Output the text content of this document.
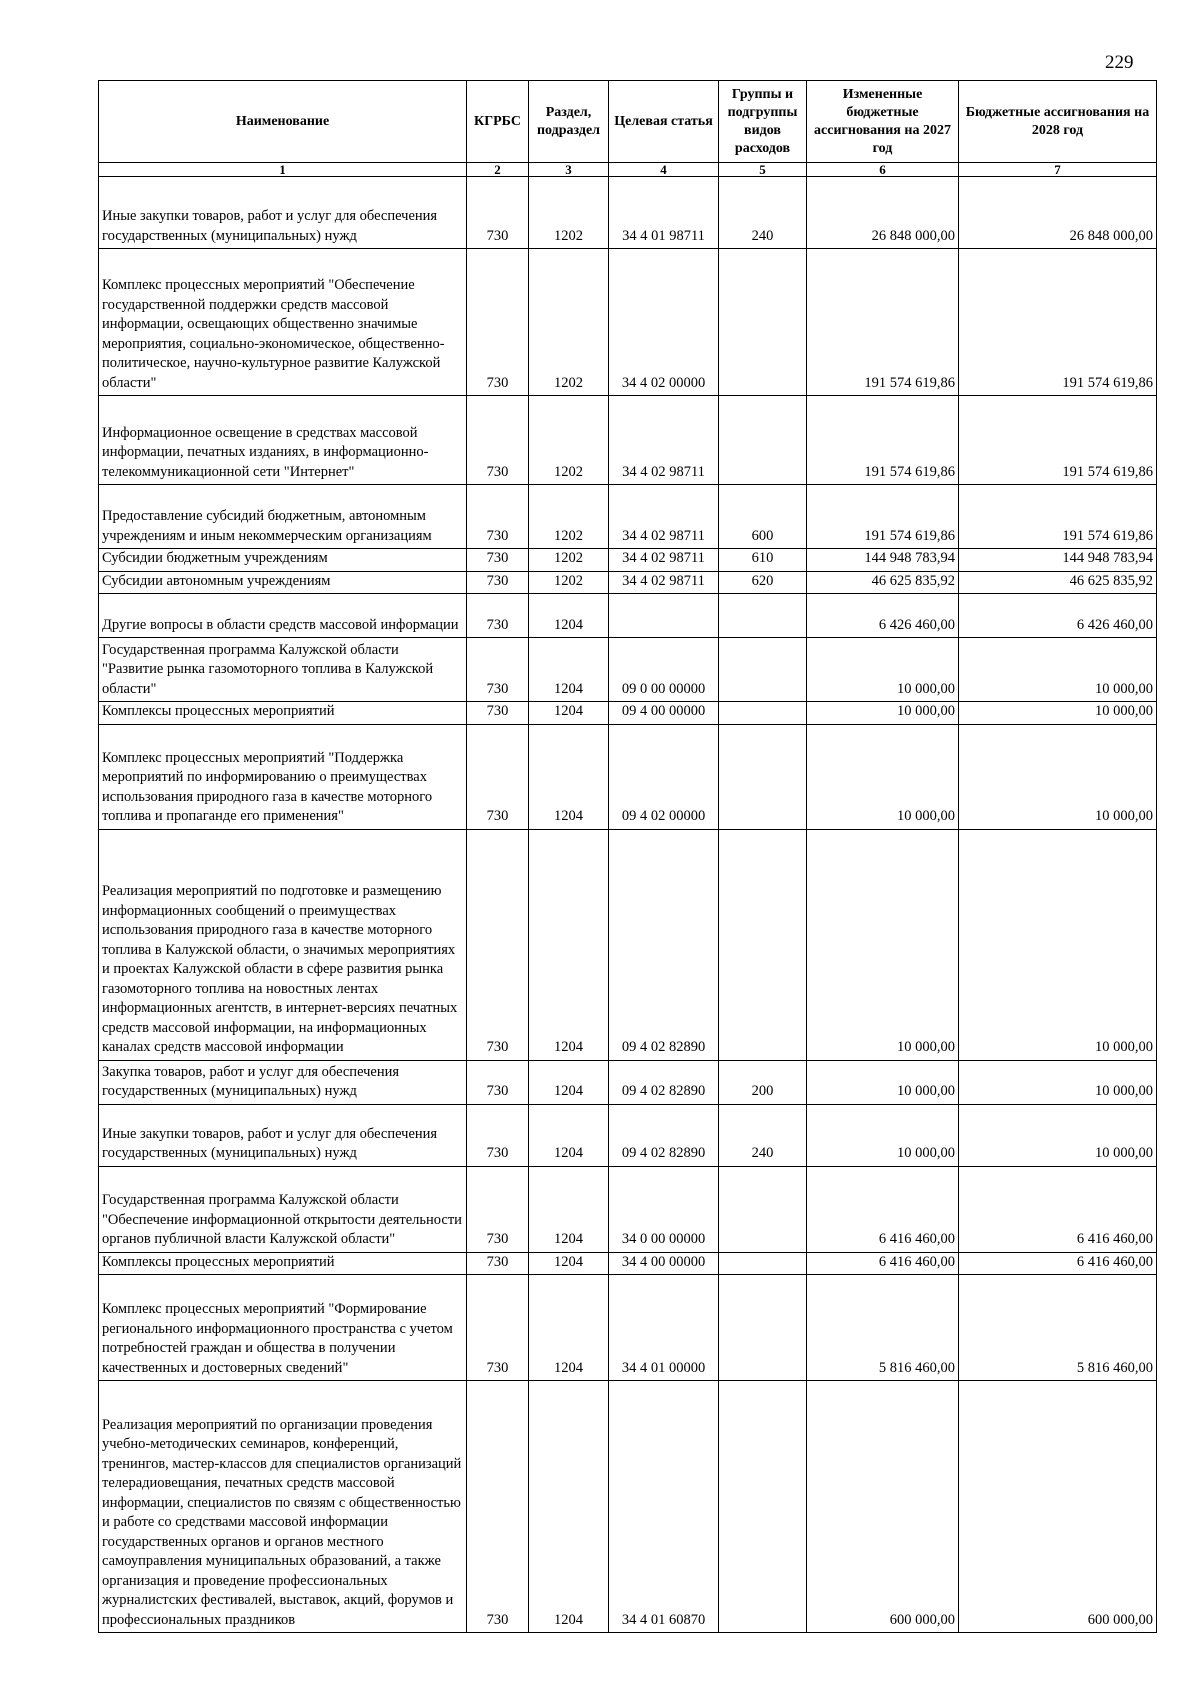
229
Наименование	КГРБС	Раздел, подраздел	Целевая статья	Группы и подгруппы видов расходов	Измененные бюджетные ассигнования на 2027 год	Бюджетные ассигнования на 2028 год
1	2	3	4	5	6	7
Иные закупки товаров, работ и услуг для обеспечения государственных (муниципальных) нужд	730	1202	34 4 01 98711	240	26 848 000,00	26 848 000,00
Комплекс процессных мероприятий "Обеспечение государственной поддержки средств массовой информации, освещающих общественно значимые мероприятия, социально-экономическое, общественно-политическое, научно-культурное развитие Калужской области"	730	1202	34 4 02 00000		191 574 619,86	191 574 619,86
Информационное освещение в средствах массовой информации, печатных изданиях, в информационно-телекоммуникационной сети "Интернет"	730	1202	34 4 02 98711		191 574 619,86	191 574 619,86
Предоставление субсидий бюджетным, автономным учреждениям и иным некоммерческим организациям	730	1202	34 4 02 98711	600	191 574 619,86	191 574 619,86
Субсидии бюджетным учреждениям	730	1202	34 4 02 98711	610	144 948 783,94	144 948 783,94
Субсидии автономным учреждениям	730	1202	34 4 02 98711	620	46 625 835,92	46 625 835,92
Другие вопросы в области средств массовой информации	730	1204			6 426 460,00	6 426 460,00
Государственная программа Калужской области "Развитие рынка газомоторного топлива в Калужской области"	730	1204	09 0 00 00000		10 000,00	10 000,00
Комплексы процессных мероприятий	730	1204	09 4 00 00000		10 000,00	10 000,00
Комплекс процессных мероприятий "Поддержка мероприятий по информированию о преимуществах использования природного газа в качестве моторного топлива и пропаганде его применения"	730	1204	09 4 02 00000		10 000,00	10 000,00
Реализация мероприятий по подготовке и размещению информационных сообщений о преимуществах использования природного газа в качестве моторного топлива в Калужской области, о значимых мероприятиях и проектах Калужской области в сфере развития рынка газомоторного топлива на новостных лентах информационных агентств, в интернет-версиях печатных средств массовой информации, на информационных каналах средств массовой информации	730	1204	09 4 02 82890		10 000,00	10 000,00
Закупка товаров, работ и услуг для обеспечения государственных (муниципальных) нужд	730	1204	09 4 02 82890	200	10 000,00	10 000,00
Иные закупки товаров, работ и услуг для обеспечения государственных (муниципальных) нужд	730	1204	09 4 02 82890	240	10 000,00	10 000,00
Государственная программа Калужской области "Обеспечение информационной открытости деятельности органов публичной власти Калужской области"	730	1204	34 0 00 00000		6 416 460,00	6 416 460,00
Комплексы процессных мероприятий	730	1204	34 4 00 00000		6 416 460,00	6 416 460,00
Комплекс процессных мероприятий "Формирование регионального информационного пространства с учетом потребностей граждан и общества в получении качественных и достоверных сведений"	730	1204	34 4 01 00000		5 816 460,00	5 816 460,00
Реализация мероприятий по организации проведения учебно-методических семинаров, конференций, тренингов, мастер-классов для специалистов организаций телерадиовещания, печатных средств массовой информации, специалистов по связям с общественностью и работе со средствами массовой информации государственных органов и органов местного самоуправления муниципальных образований, а также организация и проведение профессиональных журналистских фестивалей, выставок, акций, форумов и профессиональных праздников	730	1204	34 4 01 60870		600 000,00	600 000,00
